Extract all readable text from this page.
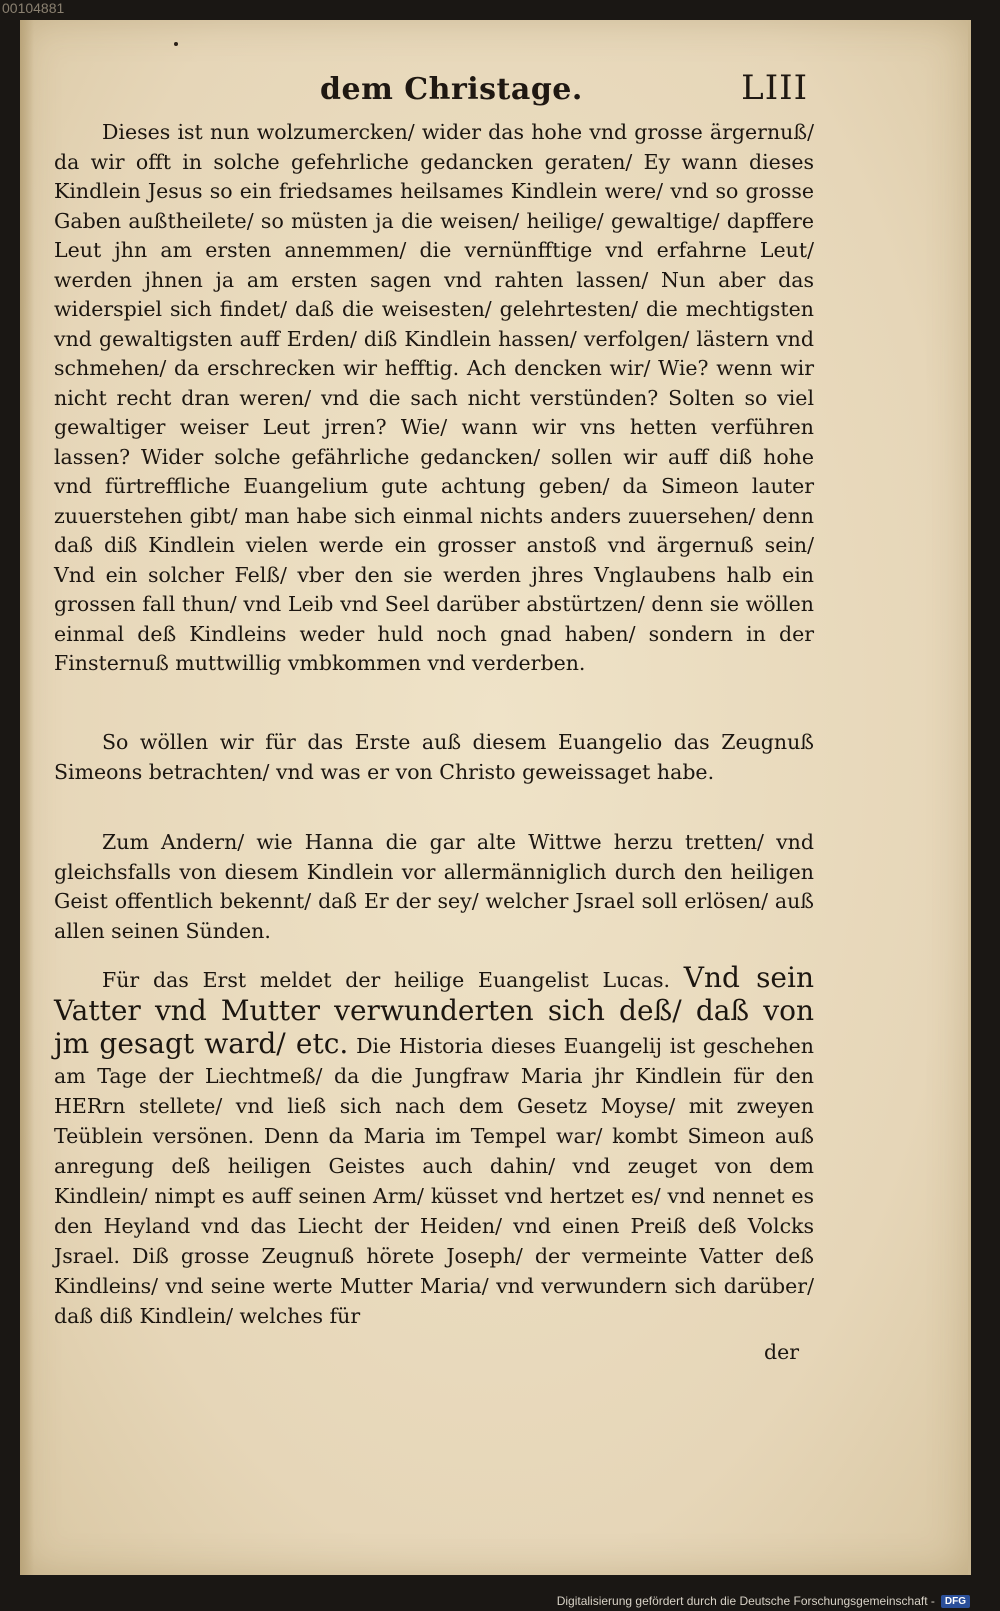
00104881
dem Christage.	LIII

Dieses ist nun wolzumercken/ wider das hohe vnd grosse ärgernuß/ da wir offt in solche gefehrliche gedancken geraten/ Ey wann dieses Kindlein Jesus so ein friedsames heilsames Kindlein were/ vnd so grosse Gaben außtheilete/ so müsten ja die weisen/ heilige/ gewaltige/ dapffere Leut jhn am ersten annemmen/ die vernünfftige vnd erfahrne Leut/ werden jhnen ja am ersten sagen vnd rahten lassen/ Nun aber das widerspiel sich findet/ daß die weisesten/ gelehrtesten/ die mechtigsten vnd gewaltigsten auff Erden/ diß Kindlein hassen/ verfolgen/ lästern vnd schmehen/ da erschrecken wir hefftig. Ach dencken wir/ Wie? wenn wir nicht recht dran weren/ vnd die sach nicht verstünden? Solten so viel gewaltiger weiser Leut jrren? Wie/ wann wir vns hetten verführen lassen? Wider solche gefährliche gedancken/ sollen wir auff diß hohe vnd fürtreffliche Euangelium gute achtung geben/ da Simeon lauter zuuerstehen gibt/ man habe sich einmal nichts anders zuuersehen/ denn daß diß Kindlein vielen werde ein grosser anstoß vnd ärgernuß sein/ Vnd ein solcher Felß/ vber den sie werden jhres Vnglaubens halb ein grossen fall thun/ vnd Leib vnd Seel darüber abstürtzen/ denn sie wöllen einmal deß Kindleins weder huld noch gnad haben/ sondern in der Finsternuß muttwillig vmbkommen vnd verderben.

So wöllen wir für das Erste auß diesem Euangelio das Zeugnuß Simeons betrachten/ vnd was er von Christo geweissaget habe.

Zum Andern/ wie Hanna die gar alte Wittwe herzu tretten/ vnd gleichsfalls von diesem Kindlein vor allermänniglich durch den heiligen Geist offentlich bekennt/ daß Er der sey/ welcher Jsrael soll erlösen/ auß allen seinen Sünden.

Für das Erst meldet der heilige Euangelist Lucas. Vnd sein Vatter vnd Mutter verwunderten sich deß/ daß von jm gesagt ward/ etc. Die Historia dieses Euangelij ist geschehen am Tage der Liechtmeß/ da die Jungfraw Maria jhr Kindlein für den HERrn stellete/ vnd ließ sich nach dem Gesetz Moyse/ mit zweyen Teüblein versönen. Denn da Maria im Tempel war/ kombt Simeon auß anregung deß heiligen Geistes auch dahin/ vnd zeuget von dem Kindlein/ nimpt es auff seinen Arm/ küsset vnd hertzet es/ vnd nennet es den Heyland vnd das Liecht der Heiden/ vnd einen Preiß deß Volcks Jsrael. Diß grosse Zeugnuß hörete Joseph/ der vermeinte Vatter deß Kindleins/ vnd seine werte Mutter Maria/ vnd verwundern sich darüber/ daß diß Kindlein/ welches für

der
Digitalisierung gefördert durch die Deutsche Forschungsgemeinschaft -	DFG
